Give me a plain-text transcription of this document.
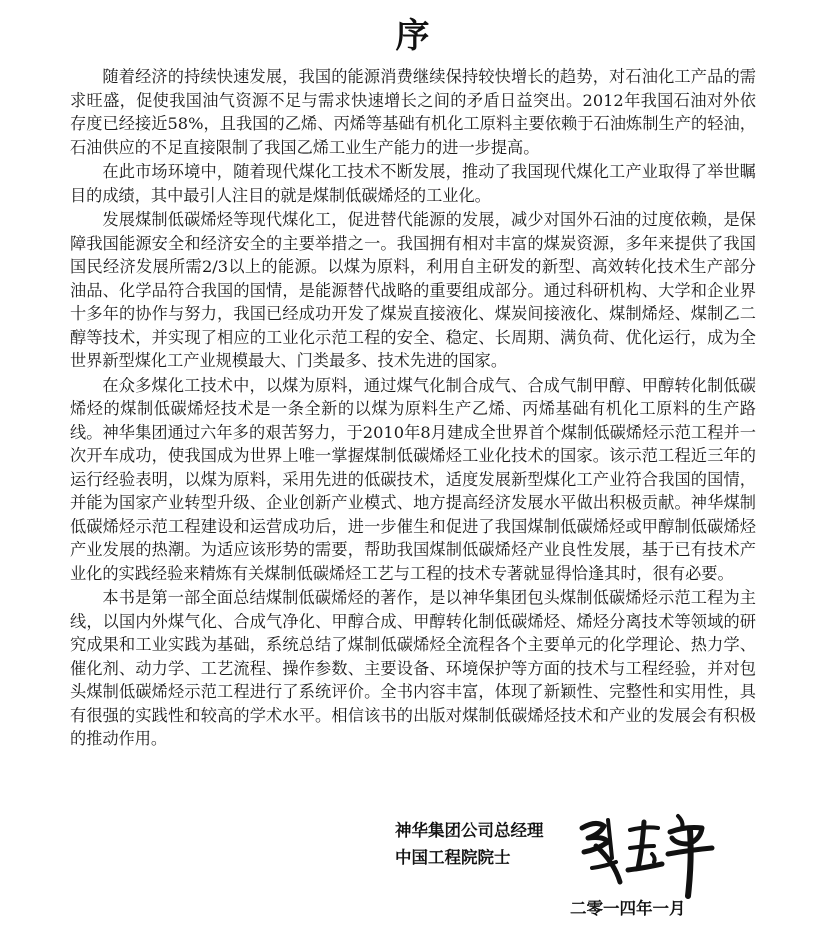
序

随着经济的持续快速发展，我国的能源消费继续保持较快增长的趋势，对石油化工产品的需求旺盛，促使我国油气资源不足与需求快速增长之间的矛盾日益突出。2012年我国石油对外依存度已经接近58%，且我国的乙烯、丙烯等基础有机化工原料主要依赖于石油炼制生产的轻油，石油供应的不足直接限制了我国乙烯工业生产能力的进一步提高。

在此市场环境中，随着现代煤化工技术不断发展，推动了我国现代煤化工产业取得了举世瞩目的成绩，其中最引人注目的就是煤制低碳烯烃的工业化。

发展煤制低碳烯烃等现代煤化工，促进替代能源的发展，减少对国外石油的过度依赖，是保障我国能源安全和经济安全的主要举措之一。我国拥有相对丰富的煤炭资源，多年来提供了我国国民经济发展所需2/3以上的能源。以煤为原料，利用自主研发的新型、高效转化技术生产部分油品、化学品符合我国的国情，是能源替代战略的重要组成部分。通过科研机构、大学和企业界十多年的协作与努力，我国已经成功开发了煤炭直接液化、煤炭间接液化、煤制烯烃、煤制乙二醇等技术，并实现了相应的工业化示范工程的安全、稳定、长周期、满负荷、优化运行，成为全世界新型煤化工产业规模最大、门类最多、技术先进的国家。

在众多煤化工技术中，以煤为原料，通过煤气化制合成气、合成气制甲醇、甲醇转化制低碳烯烃的煤制低碳烯烃技术是一条全新的以煤为原料生产乙烯、丙烯基础有机化工原料的生产路线。神华集团通过六年多的艰苦努力，于2010年8月建成全世界首个煤制低碳烯烃示范工程并一次开车成功，使我国成为世界上唯一掌握煤制低碳烯烃工业化技术的国家。该示范工程近三年的运行经验表明，以煤为原料，采用先进的低碳技术，适度发展新型煤化工产业符合我国的国情，并能为国家产业转型升级、企业创新产业模式、地方提高经济发展水平做出积极贡献。神华煤制低碳烯烃示范工程建设和运营成功后，进一步催生和促进了我国煤制低碳烯烃或甲醇制低碳烯烃产业发展的热潮。为适应该形势的需要，帮助我国煤制低碳烯烃产业良性发展，基于已有技术产业化的实践经验来精炼有关煤制低碳烯烃工艺与工程的技术专著就显得恰逢其时，很有必要。

本书是第一部全面总结煤制低碳烯烃的著作，是以神华集团包头煤制低碳烯烃示范工程为主线，以国内外煤气化、合成气净化、甲醇合成、甲醇转化制低碳烯烃、烯烃分离技术等领域的研究成果和工业实践为基础，系统总结了煤制低碳烯烃全流程各个主要单元的化学理论、热力学、催化剂、动力学、工艺流程、操作参数、主要设备、环境保护等方面的技术与工程经验，并对包头煤制低碳烯烃示范工程进行了系统评价。全书内容丰富，体现了新颖性、完整性和实用性，具有很强的实践性和较高的学术水平。相信该书的出版对煤制低碳烯烃技术和产业的发展会有积极的推动作用。

神华集团公司总经理
中国工程院院士
二零一四年一月
